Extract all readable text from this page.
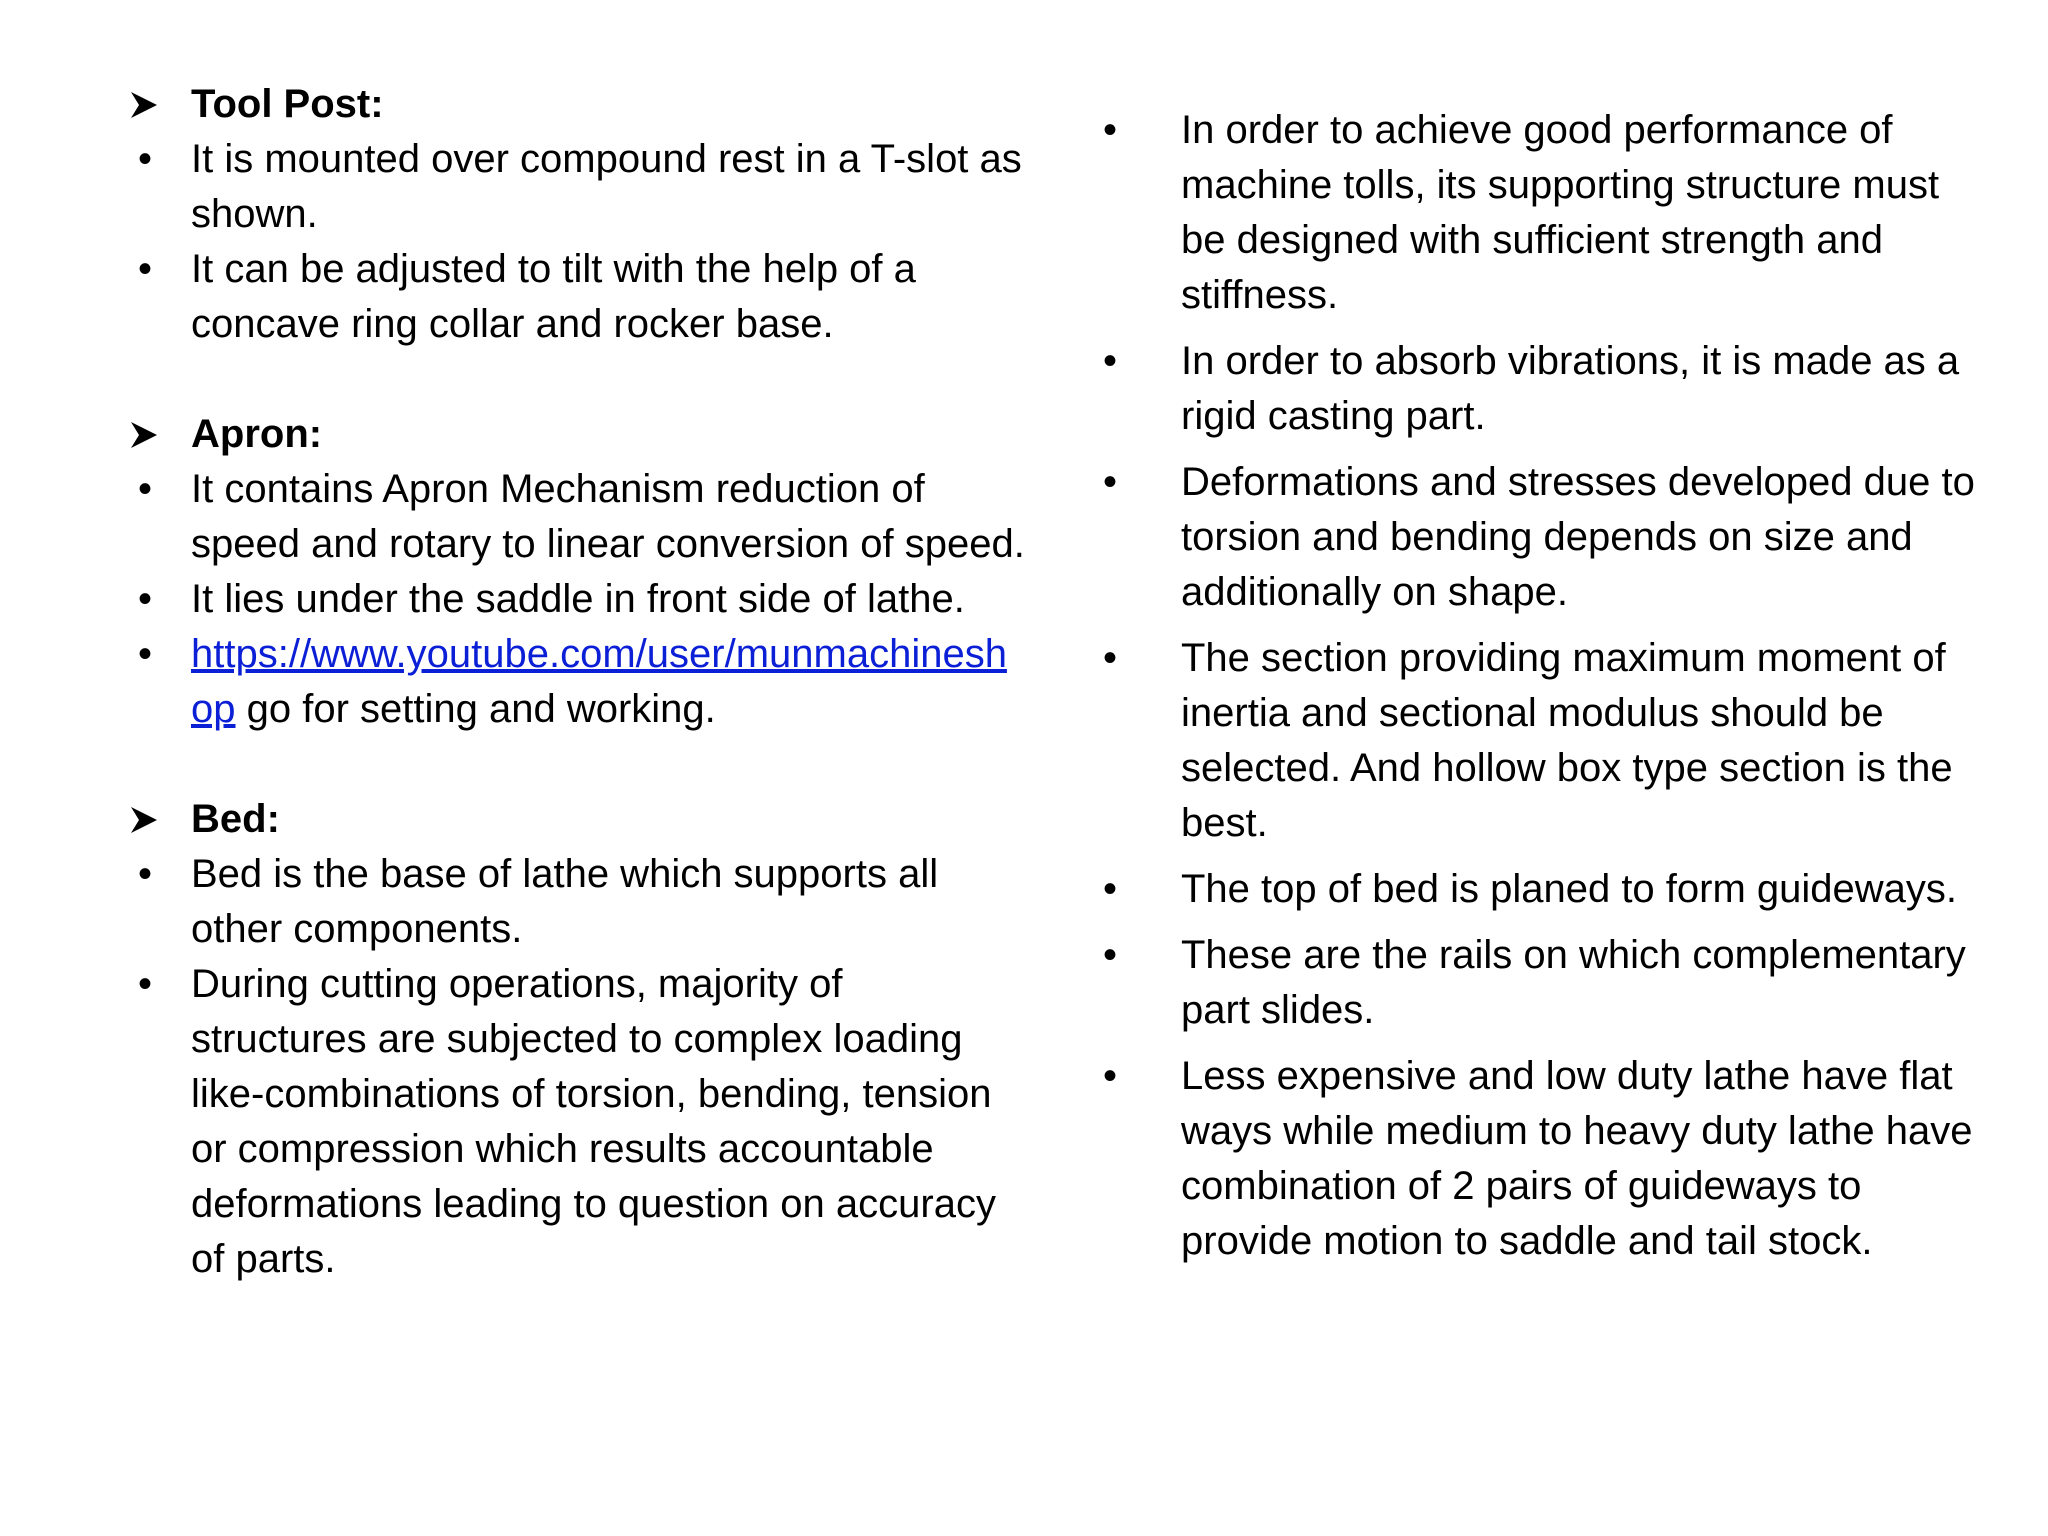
Tool Post:
• It is mounted over compound rest in a T-slot as shown.
• It can be adjusted to tilt with the help of a concave ring collar and rocker base.
Apron:
• It contains Apron Mechanism reduction of speed and rotary to linear conversion of speed.
• It lies under the saddle in front side of lathe.
• https://www.youtube.com/user/munmachineshop go for setting and working.
Bed:
• Bed is the base of lathe which supports all other components.
• During cutting operations, majority of structures are subjected to complex loading like-combinations of torsion, bending, tension or compression which results accountable deformations leading to question on accuracy of parts.
• In order to achieve good performance of machine tolls, its supporting structure must be designed with sufficient strength and stiffness.
• In order to absorb vibrations, it is made as a rigid casting part.
• Deformations and stresses developed due to torsion and bending depends on size and additionally on shape.
• The section providing maximum moment of inertia and sectional modulus should be selected. And hollow box type section is the best.
• The top of bed is planed to form guideways.
• These are the rails on which complementary part slides.
• Less expensive and low duty lathe have flat ways while medium to heavy duty lathe have combination of 2 pairs of guideways to provide motion to saddle and tail stock.
